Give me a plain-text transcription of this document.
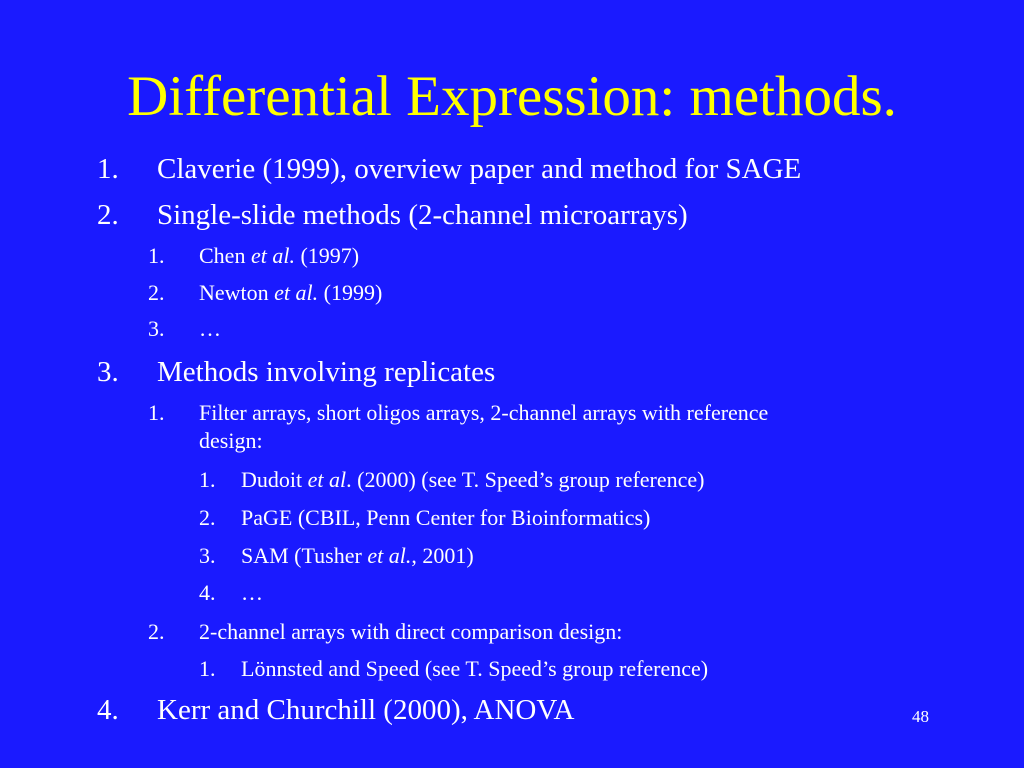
Differential Expression: methods.
1. Claverie (1999), overview paper and method for SAGE
2. Single-slide methods (2-channel microarrays)
1. Chen et al. (1997)
2. Newton et al. (1999)
3. …
3. Methods involving replicates
1. Filter arrays, short oligos arrays, 2-channel arrays with reference
design:
1. Dudoit et al. (2000) (see T. Speed’s group reference)
2. PaGE (CBIL, Penn Center for Bioinformatics)
3. SAM (Tusher et al., 2001)
4. …
2. 2-channel arrays with direct comparison design:
1. Lönnsted and Speed (see T. Speed’s group reference)
4. Kerr and Churchill (2000), ANOVA	48
